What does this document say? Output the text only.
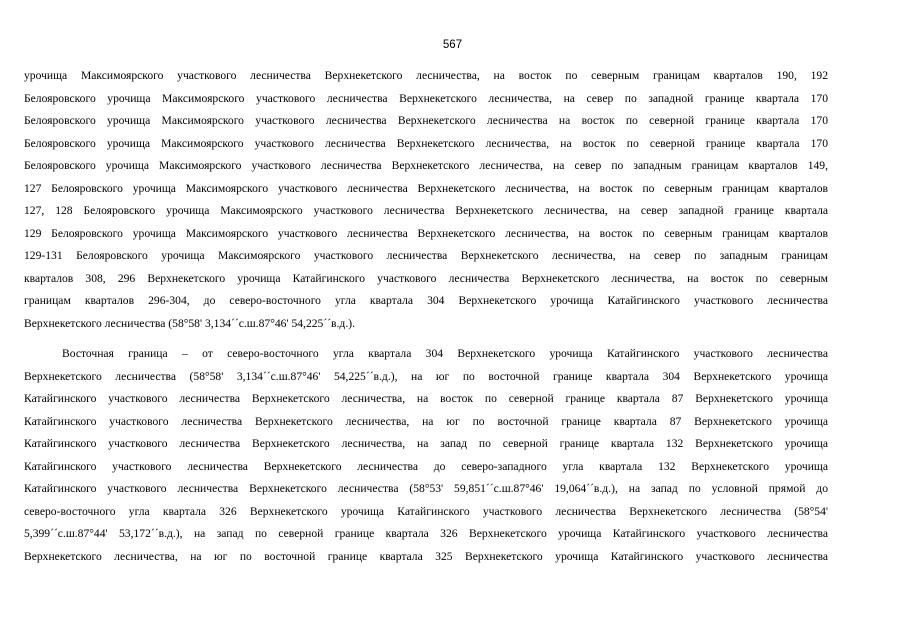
567
урочища Максимоярского участкового лесничества Верхнекетского лесничества, на восток по северным границам кварталов 190, 192
Белояровского урочища Максимоярского участкового лесничества Верхнекетского лесничества, на север по западной границе квартала 170
Белояровского урочища Максимоярского участкового лесничества Верхнекетского лесничества на восток по северной границе квартала 170
Белояровского урочища Максимоярского участкового лесничества Верхнекетского лесничества, на восток по северной границе квартала 170
Белояровского урочища Максимоярского участкового лесничества Верхнекетского лесничества, на север по западным границам кварталов 149,
127 Белояровского урочища Максимоярского участкового лесничества Верхнекетского лесничества, на восток по северным границам кварталов
127, 128 Белояровского урочища Максимоярского участкового лесничества Верхнекетского лесничества, на север западной границе квартала
129 Белояровского урочища Максимоярского участкового лесничества Верхнекетского лесничества, на восток по северным границам кварталов
129-131 Белояровского урочища Максимоярского участкового лесничества Верхнекетского лесничества, на север по западным границам
кварталов 308, 296 Верхнекетского урочища Катайгинского участкового лесничества Верхнекетского лесничества, на восток по северным
границам кварталов 296-304, до северо-восточного угла квартала 304 Верхнекетского урочища Катайгинского участкового лесничества
Верхнекетского лесничества (58°58' 3,134´´с.ш.87°46' 54,225´´в.д.).
Восточная граница – от северо-восточного угла квартала 304 Верхнекетского урочища Катайгинского участкового лесничества
Верхнекетского лесничества (58°58' 3,134´´с.ш.87°46' 54,225´´в.д.), на юг по восточной границе квартала 304 Верхнекетского урочища
Катайгинского участкового лесничества Верхнекетского лесничества, на восток по северной границе квартала 87 Верхнекетского урочища
Катайгинского участкового лесничества Верхнекетского лесничества, на юг по восточной границе квартала 87 Верхнекетского урочища
Катайгинского участкового лесничества Верхнекетского лесничества, на запад по северной границе квартала 132 Верхнекетского урочища
Катайгинского участкового лесничества Верхнекетского лесничества до северо-западного угла квартала 132 Верхнекетского урочища
Катайгинского участкового лесничества Верхнекетского лесничества (58°53' 59,851´´с.ш.87°46' 19,064´´в.д.), на запад по условной прямой до
северо-восточного угла квартала 326 Верхнекетского урочища Катайгинского участкового лесничества Верхнекетского лесничества (58°54'
5,399´´с.ш.87°44' 53,172´´в.д.), на запад по северной границе квартала 326 Верхнекетского урочища Катайгинского участкового лесничества
Верхнекетского лесничества, на юг по восточной границе квартала 325 Верхнекетского урочища Катайгинского участкового лесничества
